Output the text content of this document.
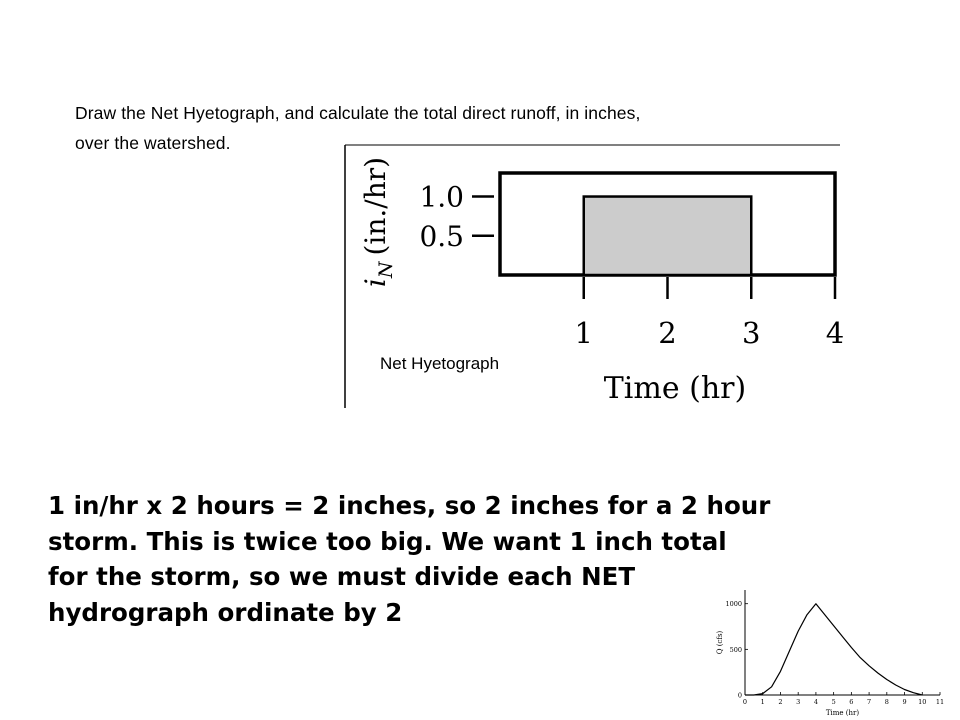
Draw the Net Hyetograph, and calculate the total direct runoff, in inches,
over the watershed.
1.0
0.5
1 2 3 4
Time (hr)
$i_N(in./hr)$
Net Hyetograph
1 in/hr x 2 hours = 2 inches, so 2 inches for a 2 hour
storm. This is twice too big. We want 1 inch total
for the storm, so we must divide each NET
hydrograph ordinate by 2
0 1 2 3 4 5 6 7 8 9 10 11
0
500
1000
Time (hr)
Q (cfs)
